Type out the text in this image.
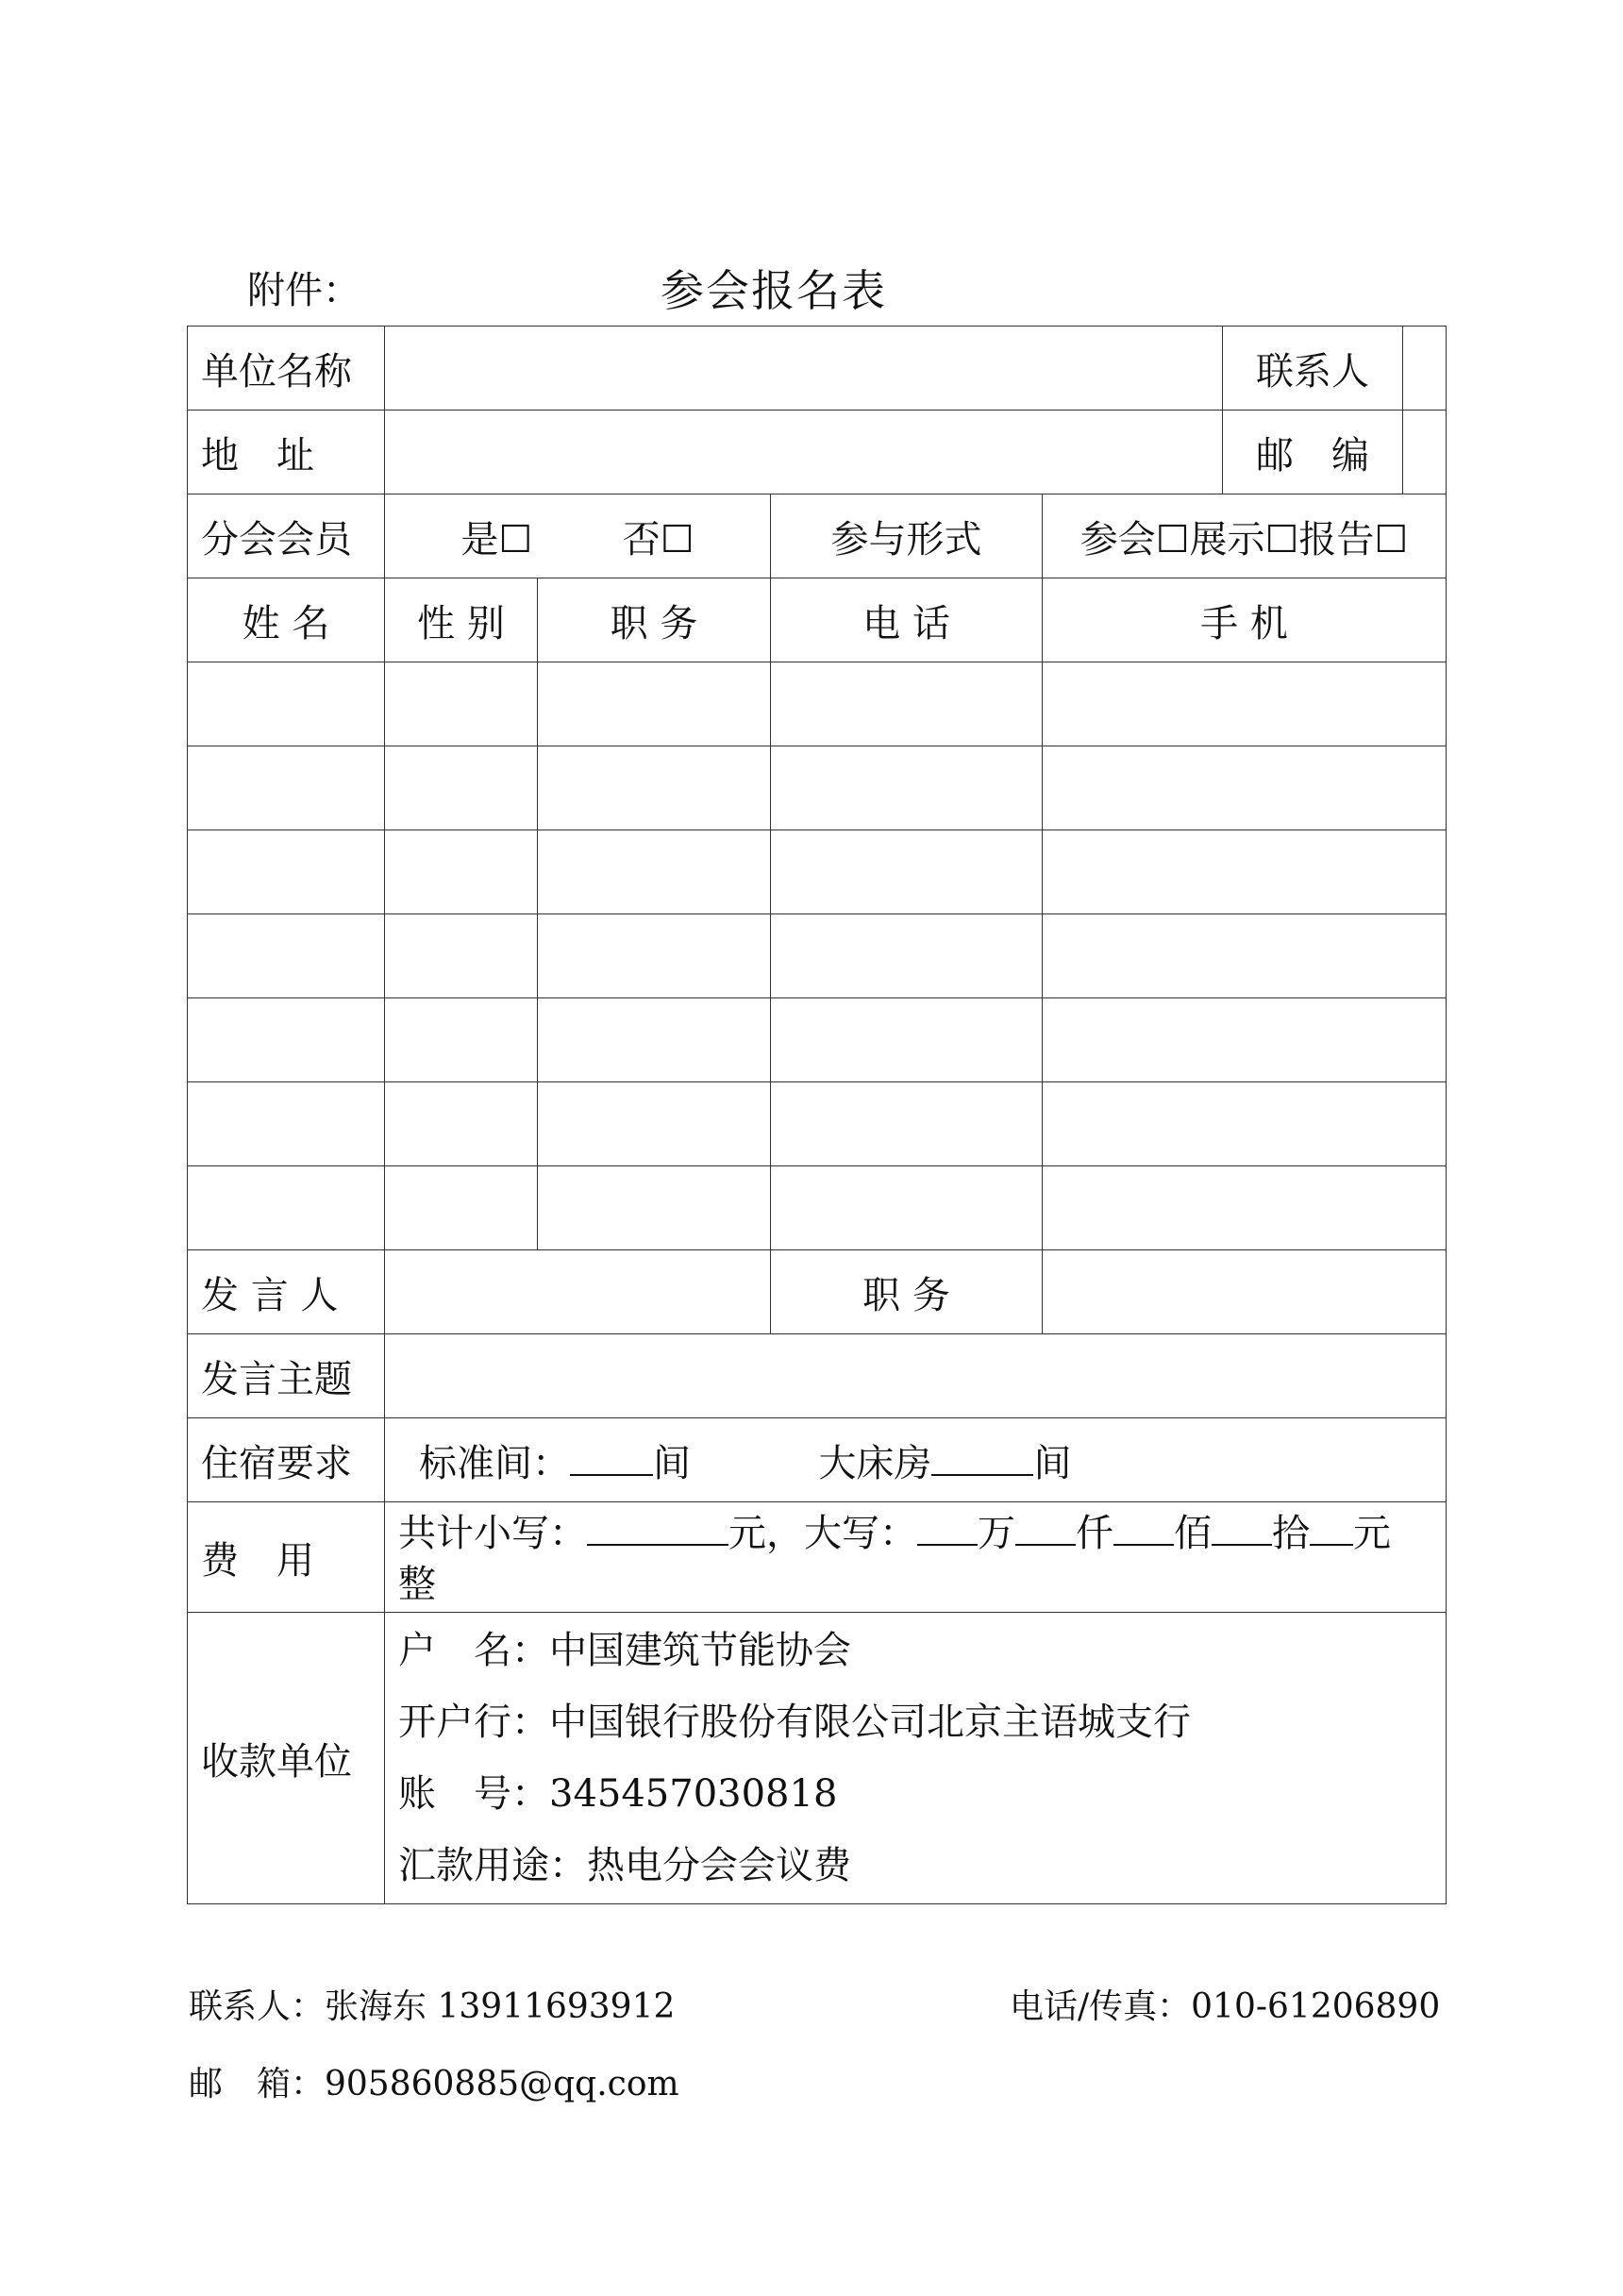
附件：	参会报名表
单位名称					联系人

地　址					邮　编

分会会员	是☐ 否☐		参与形式	参会☐展示☐报告☐	
姓 名	性 别	职 务	电 话	手 机	

发 言 人			职 务		
发言主题					
住宿要求	标准间： 间 大床房 间				
费　用	共计小写： 元，大写： 万 仟 佰 拾 元
整				
收款单位	户　名：中国建筑节能协会

开户行：中国银行股份有限公司北京主语城支行

账　号：345457030818

汇款用途：热电分会会议费				

联系人：张海东 13911693912	电话/传真：010-61206890
邮　箱：905860885@qq.com
